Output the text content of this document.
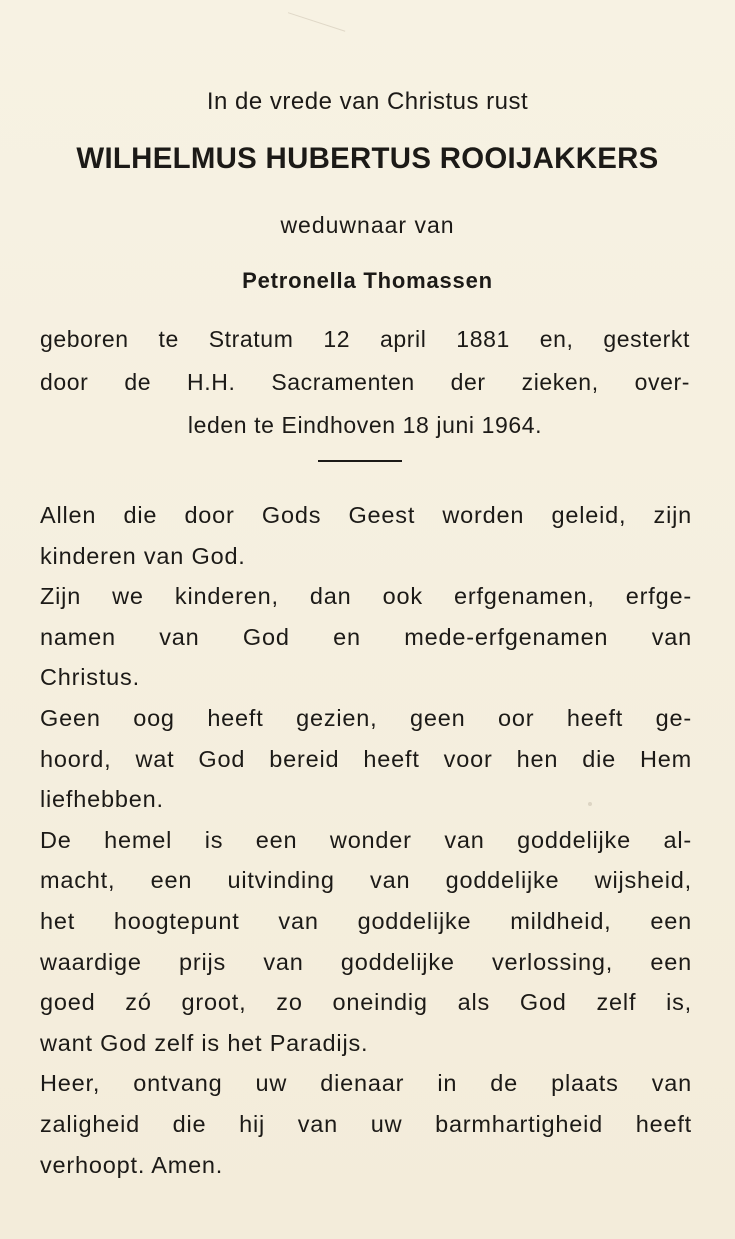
In de vrede van Christus rust
WILHELMUS HUBERTUS ROOIJAKKERS
weduwnaar van
Petronella Thomassen
geboren te Stratum 12 april 1881 en, gesterkt
door de H.H. Sacramenten der zieken, over-
leden te Eindhoven 18 juni 1964.
Allen die door Gods Geest worden geleid, zijn
kinderen van God.
Zijn we kinderen, dan ook erfgenamen, erfge-
namen van God en mede-erfgenamen van
Christus.
Geen oog heeft gezien, geen oor heeft ge-
hoord, wat God bereid heeft voor hen die Hem
liefhebben.
De hemel is een wonder van goddelijke al-
macht, een uitvinding van goddelijke wijsheid,
het hoogtepunt van goddelijke mildheid, een
waardige prijs van goddelijke verlossing, een
goed zó groot, zo oneindig als God zelf is,
want God zelf is het Paradijs.
Heer, ontvang uw dienaar in de plaats van
zaligheid die hij van uw barmhartigheid heeft
verhoopt. Amen.
